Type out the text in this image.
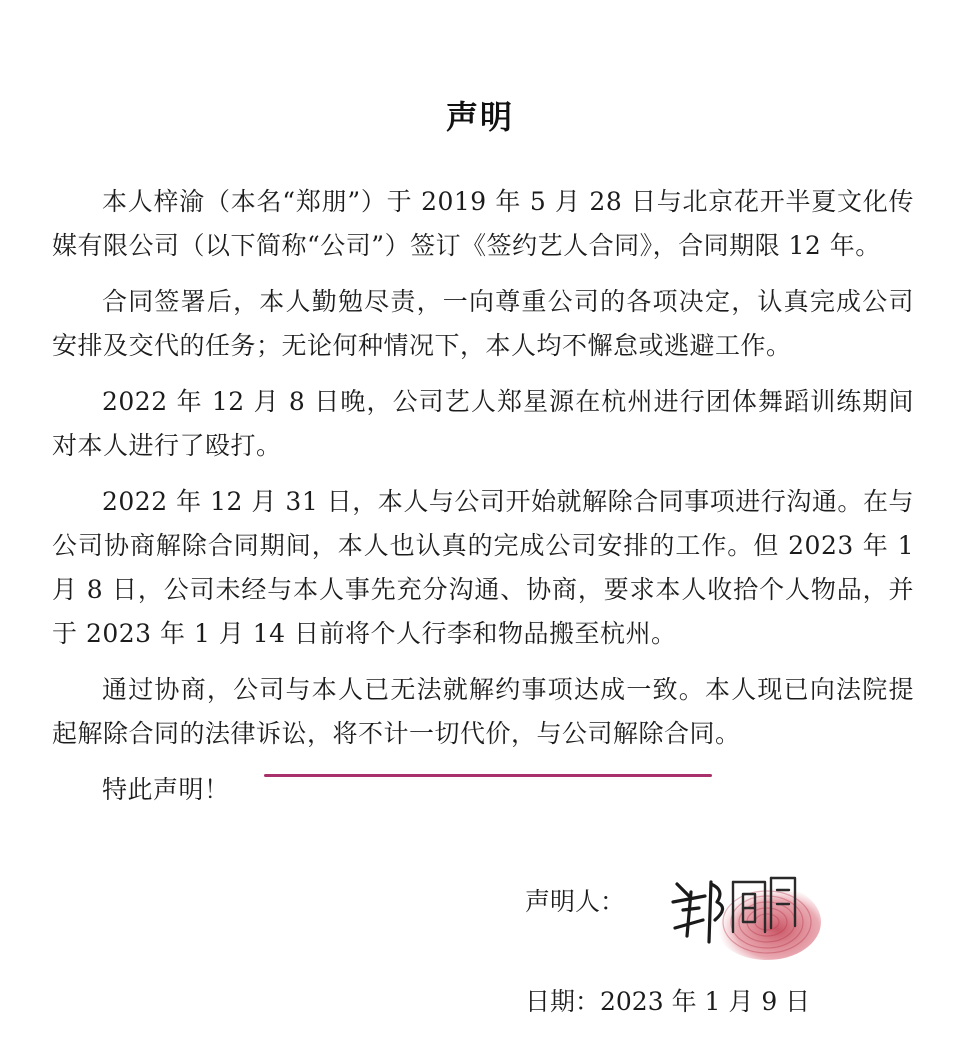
声明

本人梓渝（本名“郑朋”）于 2019 年 5 月 28 日与北京花开半夏文化传媒有限公司（以下简称“公司”）签订《签约艺人合同》，合同期限 12 年。

合同签署后，本人勤勉尽责，一向尊重公司的各项决定，认真完成公司安排及交代的任务；无论何种情况下，本人均不懈怠或逃避工作。

2022 年 12 月 8 日晚，公司艺人郑星源在杭州进行团体舞蹈训练期间对本人进行了殴打。

2022 年 12 月 31 日，本人与公司开始就解除合同事项进行沟通。在与公司协商解除合同期间，本人也认真的完成公司安排的工作。但 2023 年 1 月 8 日，公司未经与本人事先充分沟通、协商，要求本人收拾个人物品，并于 2023 年 1 月 14 日前将个人行李和物品搬至杭州。

通过协商，公司与本人已无法就解约事项达成一致。本人现已向法院提起解除合同的法律诉讼，将不计一切代价，与公司解除合同。

特此声明！

声明人：
日期：2023 年 1 月 9 日
